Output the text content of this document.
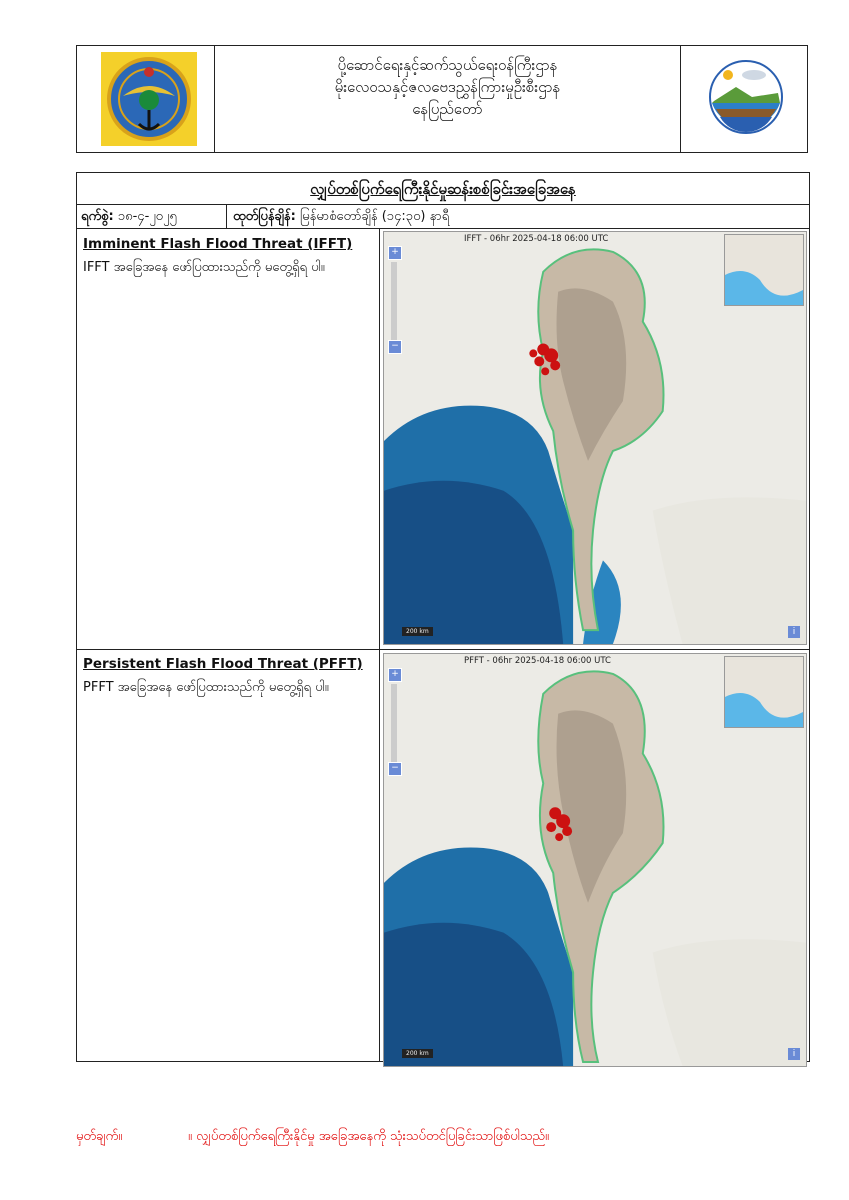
ပို့ဆောင်ရေးနှင့်ဆက်သွယ်ရေးဝန်ကြီးဌာန
မိုးလေဝသနှင့်ဇလဗေဒညွှန်ကြားမှုဦးစီးဌာန
နေပြည်တော်
လျှပ်တစ်ပြက်ရေကြီးနိုင်မှုဆန်းစစ်ခြင်းအခြေအနေ
ရက်စွဲ: ၁၈-၄-၂၀၂၅	ထုတ်ပြန်ချိန်: မြန်မာစံတော်ချိန် (၁၄:၃၀) နာရီ
Imminent Flash Flood Threat (IFFT)
IFFT အခြေအနေ ဖော်ပြထားသည်ကို မတွေ့ရှိရ ပါ။
IFFT - 06hr 2025-04-18 06:00 UTC
+
−
200 km	i
Persistent Flash Flood Threat (PFFT)
PFFT အခြေအနေ ဖော်ပြထားသည်ကို မတွေ့ရှိရ ပါ။
PFFT - 06hr 2025-04-18 06:00 UTC
+
−
200 km	i
မှတ်ချက်။	။ လျှပ်တစ်ပြက်ရေကြီးနိုင်မှု အခြေအနေကို သုံးသပ်တင်ပြခြင်းသာဖြစ်ပါသည်။
